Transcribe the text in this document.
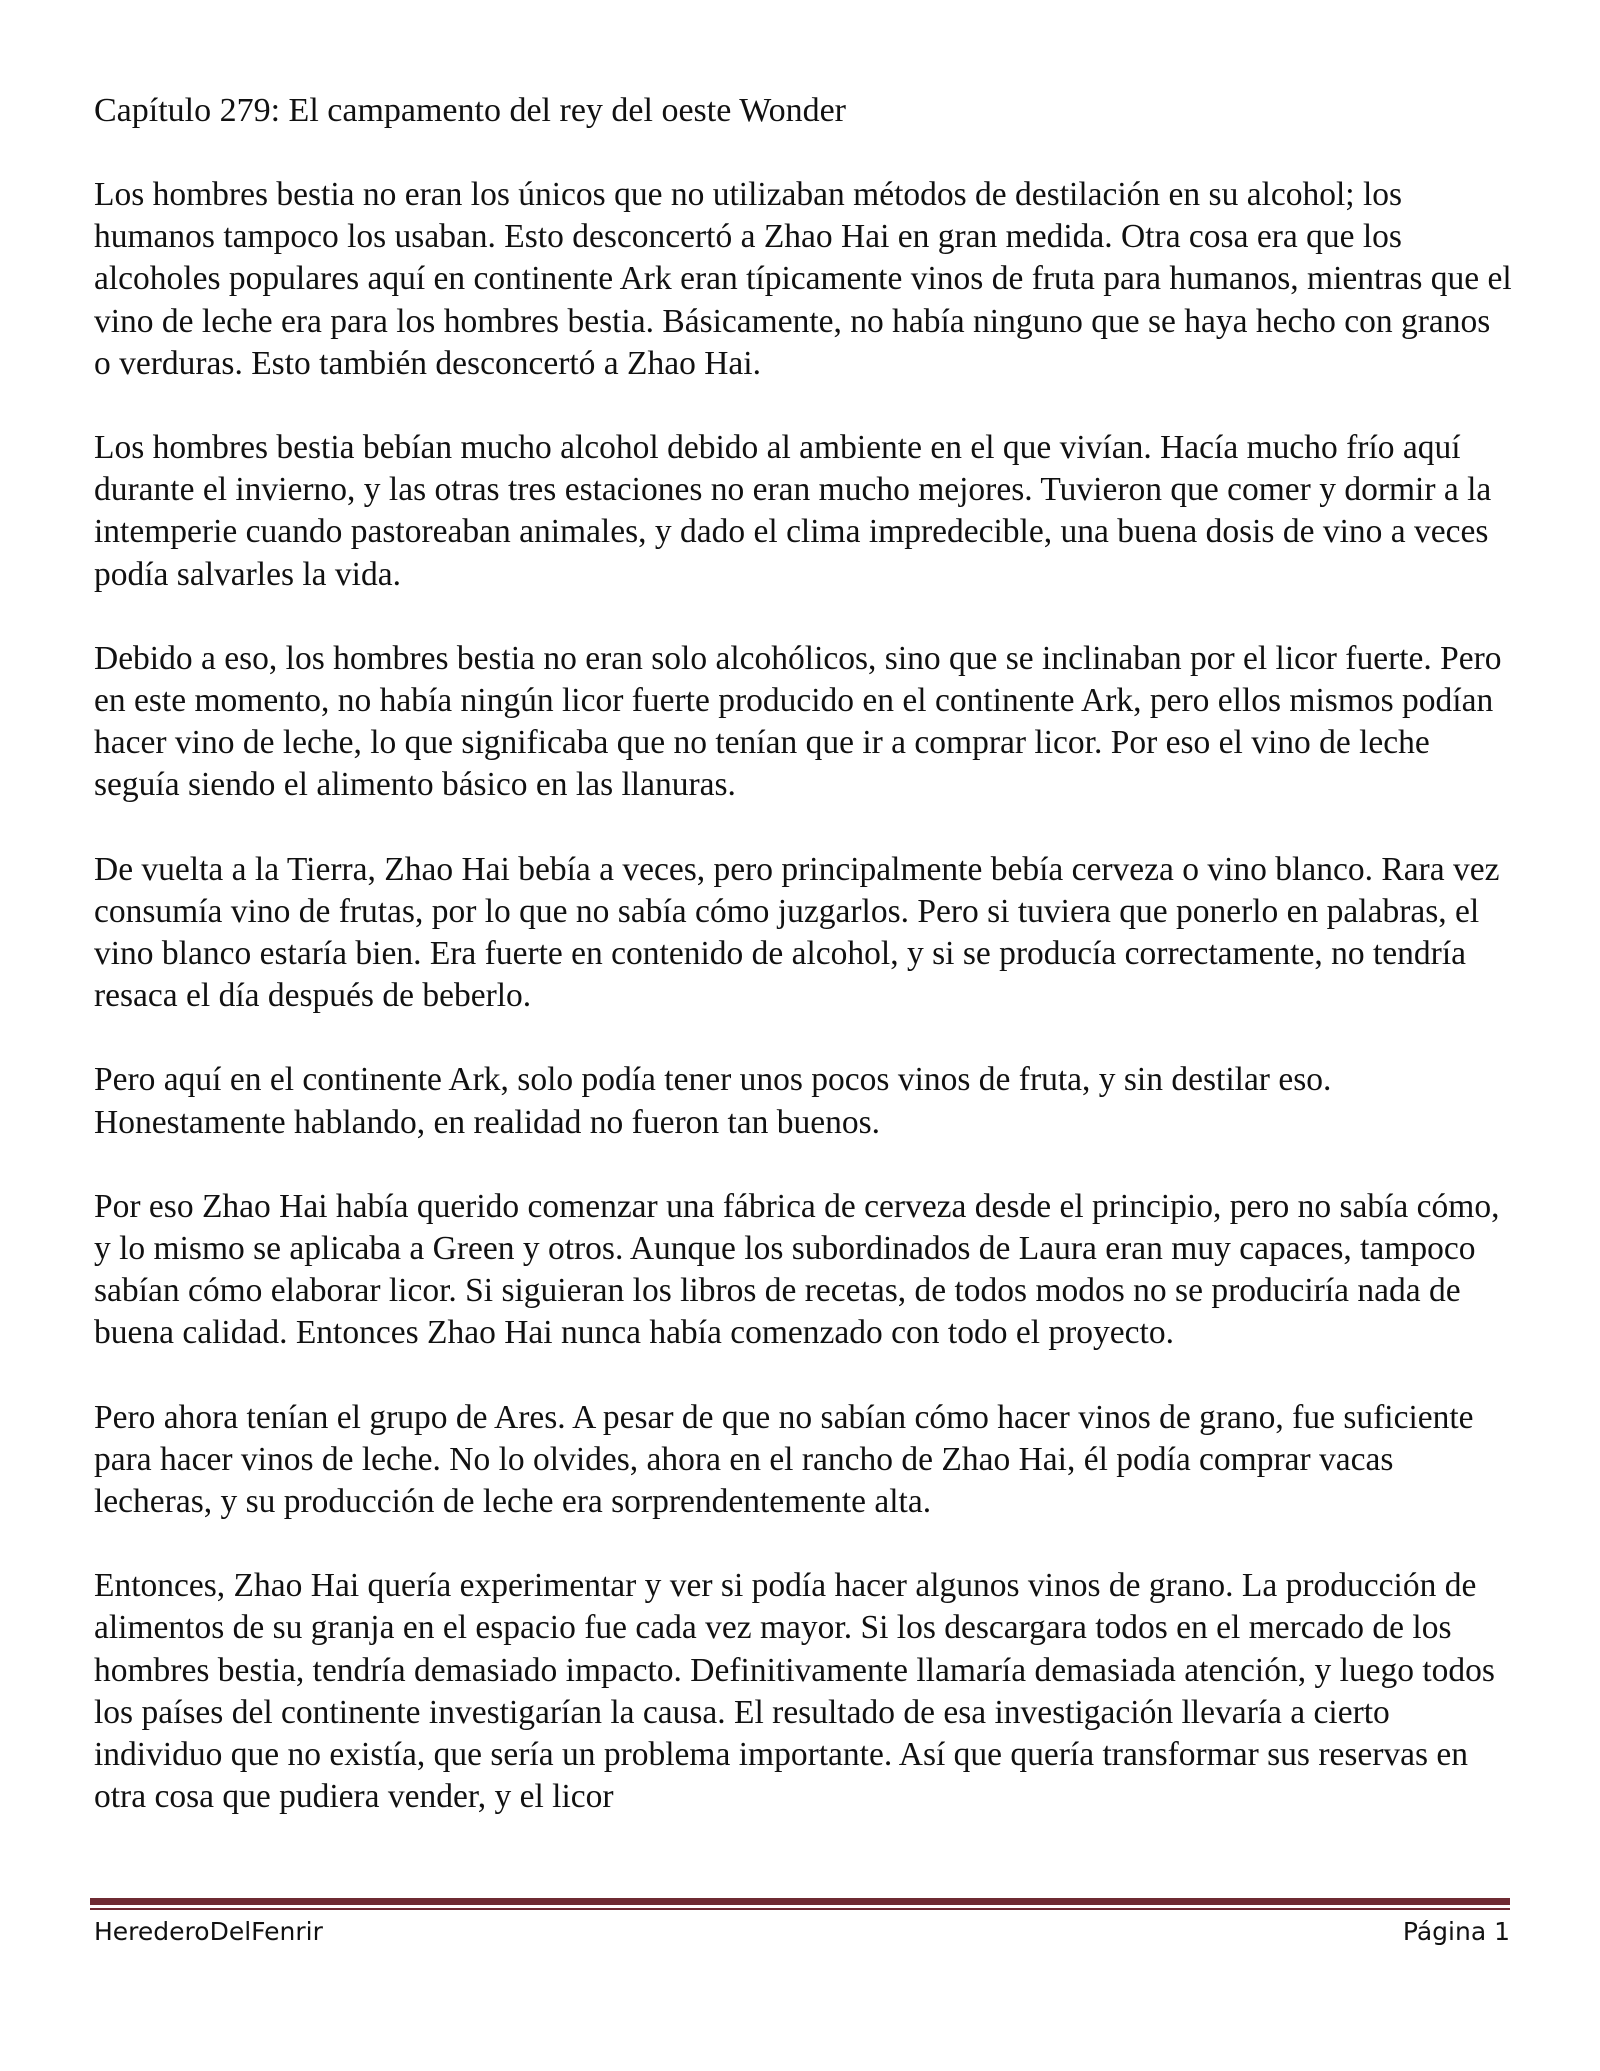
Capítulo 279: El campamento del rey del oeste Wonder

Los hombres bestia no eran los únicos que no utilizaban métodos de destilación en su alcohol; los humanos tampoco los usaban. Esto desconcertó a Zhao Hai en gran medida. Otra cosa era que los alcoholes populares aquí en continente Ark eran típicamente vinos de fruta para humanos, mientras que el vino de leche era para los hombres bestia. Básicamente, no había ninguno que se haya hecho con granos o verduras. Esto también desconcertó a Zhao Hai.

Los hombres bestia bebían mucho alcohol debido al ambiente en el que vivían. Hacía mucho frío aquí durante el invierno, y las otras tres estaciones no eran mucho mejores. Tuvieron que comer y dormir a la intemperie cuando pastoreaban animales, y dado el clima impredecible, una buena dosis de vino a veces podía salvarles la vida.

Debido a eso, los hombres bestia no eran solo alcohólicos, sino que se inclinaban por el licor fuerte. Pero en este momento, no había ningún licor fuerte producido en el continente Ark, pero ellos mismos podían hacer vino de leche, lo que significaba que no tenían que ir a comprar licor. Por eso el vino de leche seguía siendo el alimento básico en las llanuras.

De vuelta a la Tierra, Zhao Hai bebía a veces, pero principalmente bebía cerveza o vino blanco. Rara vez consumía vino de frutas, por lo que no sabía cómo juzgarlos. Pero si tuviera que ponerlo en palabras, el vino blanco estaría bien. Era fuerte en contenido de alcohol, y si se producía correctamente, no tendría resaca el día después de beberlo.

Pero aquí en el continente Ark, solo podía tener unos pocos vinos de fruta, y sin destilar eso. Honestamente hablando, en realidad no fueron tan buenos.

Por eso Zhao Hai había querido comenzar una fábrica de cerveza desde el principio, pero no sabía cómo, y lo mismo se aplicaba a Green y otros. Aunque los subordinados de Laura eran muy capaces, tampoco sabían cómo elaborar licor. Si siguieran los libros de recetas, de todos modos no se produciría nada de buena calidad. Entonces Zhao Hai nunca había comenzado con todo el proyecto.

Pero ahora tenían el grupo de Ares. A pesar de que no sabían cómo hacer vinos de grano, fue suficiente para hacer vinos de leche. No lo olvides, ahora en el rancho de Zhao Hai, él podía comprar vacas lecheras, y su producción de leche era sorprendentemente alta.

Entonces, Zhao Hai quería experimentar y ver si podía hacer algunos vinos de grano. La producción de alimentos de su granja en el espacio fue cada vez mayor. Si los descargara todos en el mercado de los hombres bestia, tendría demasiado impacto. Definitivamente llamaría demasiada atención, y luego todos los países del continente investigarían la causa. El resultado de esa investigación llevaría a cierto individuo que no existía, que sería un problema importante. Así que quería transformar sus reservas en otra cosa que pudiera vender, y el licor

HerederoDelFenrir	Página 1
